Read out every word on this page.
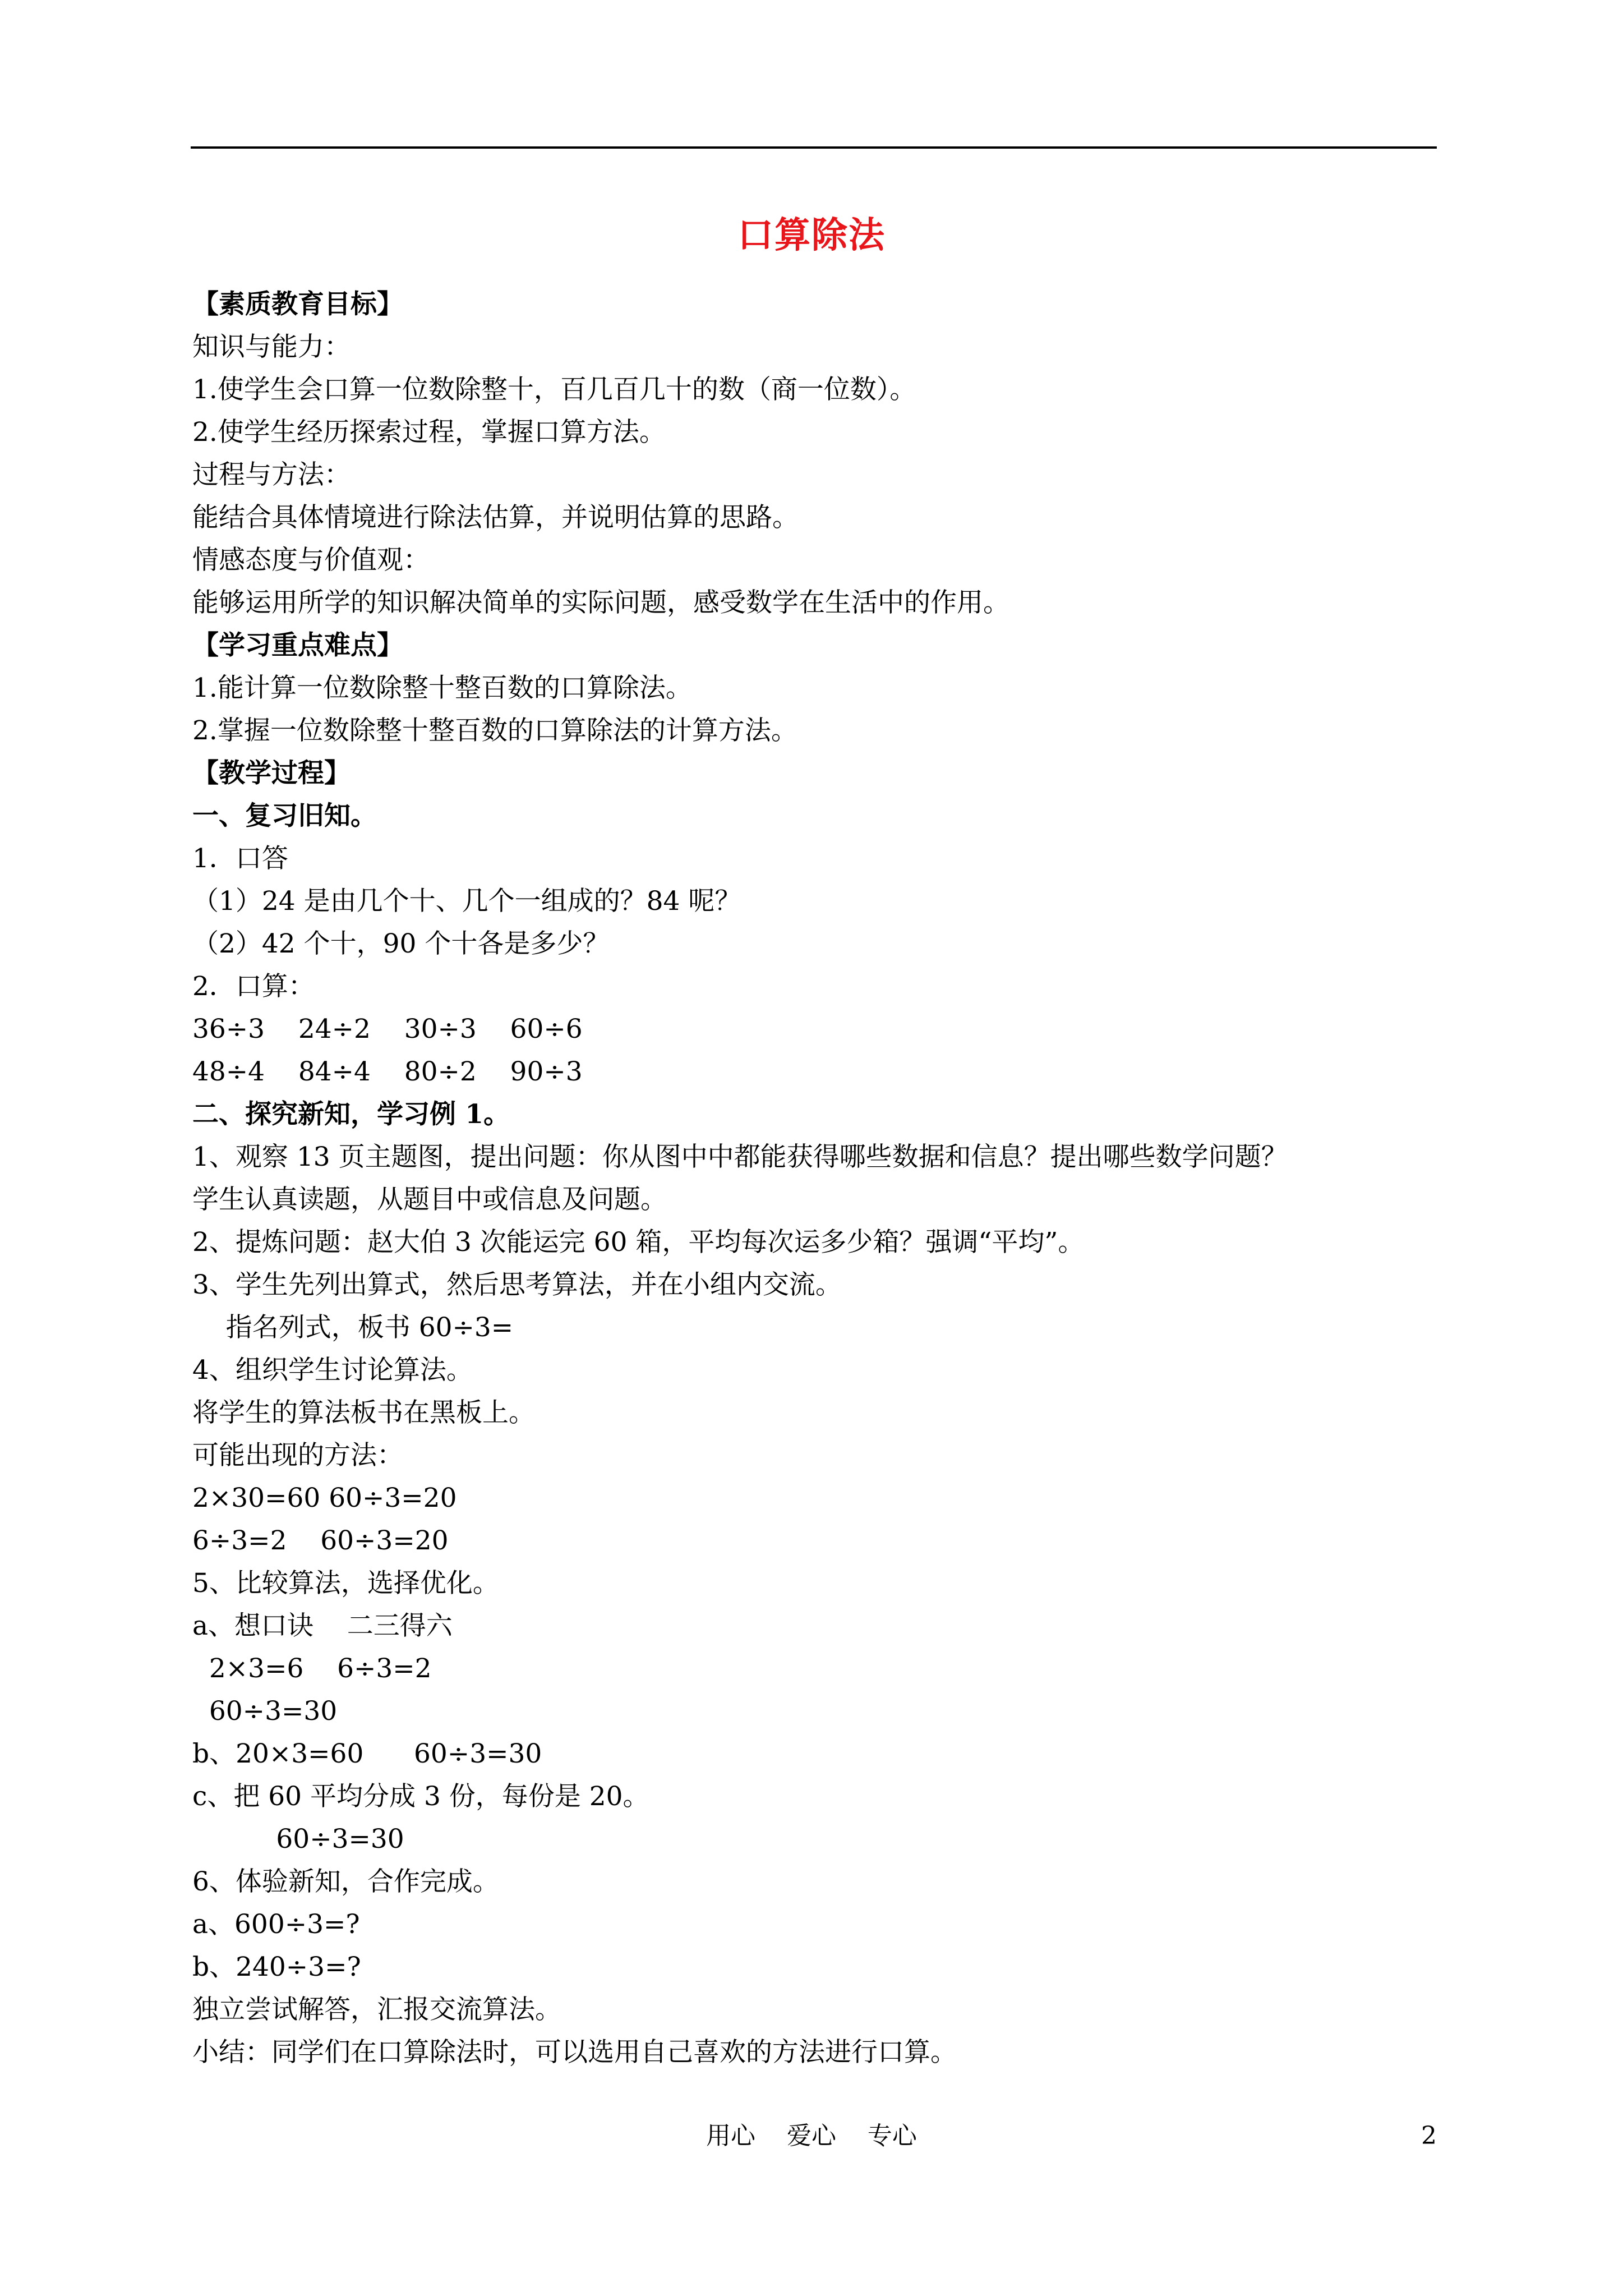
口算除法
【素质教育目标】
知识与能力：
1.使学生会口算一位数除整十，百几百几十的数（商一位数）。
2.使学生经历探索过程，掌握口算方法。
过程与方法：
能结合具体情境进行除法估算，并说明估算的思路。
情感态度与价值观：
能够运用所学的知识解决简单的实际问题，感受数学在生活中的作用。
【学习重点难点】
1.能计算一位数除整十整百数的口算除法。
2.掌握一位数除整十整百数的口算除法的计算方法。
【教学过程】
一、复习旧知。
1．口答
（1）24 是由几个十、几个一组成的？84 呢？
（2）42 个十，90 个十各是多少？
2．口算：
36÷3    24÷2    30÷3    60÷6
48÷4    84÷4    80÷2    90÷3
二、探究新知，学习例 1。
1、观察 13 页主题图，提出问题：你从图中中都能获得哪些数据和信息？提出哪些数学问题？
学生认真读题，从题目中或信息及问题。
2、提炼问题：赵大伯 3 次能运完 60 箱，平均每次运多少箱？强调“平均”。
3、学生先列出算式，然后思考算法，并在小组内交流。
指名列式，板书 60÷3=
4、组织学生讨论算法。
将学生的算法板书在黑板上。
可能出现的方法：
2×30=60 60÷3=20
6÷3=2    60÷3=20
5、比较算法，选择优化。
a、想口诀    二三得六
2×3=6    6÷3=2
60÷3=30
b、20×3=60      60÷3=30
c、把 60 平均分成 3 份，每份是 20。
60÷3=30
6、体验新知，合作完成。
a、600÷3=?
b、240÷3=?
独立尝试解答，汇报交流算法。
小结：同学们在口算除法时，可以选用自己喜欢的方法进行口算。
用心    爱心    专心	2
